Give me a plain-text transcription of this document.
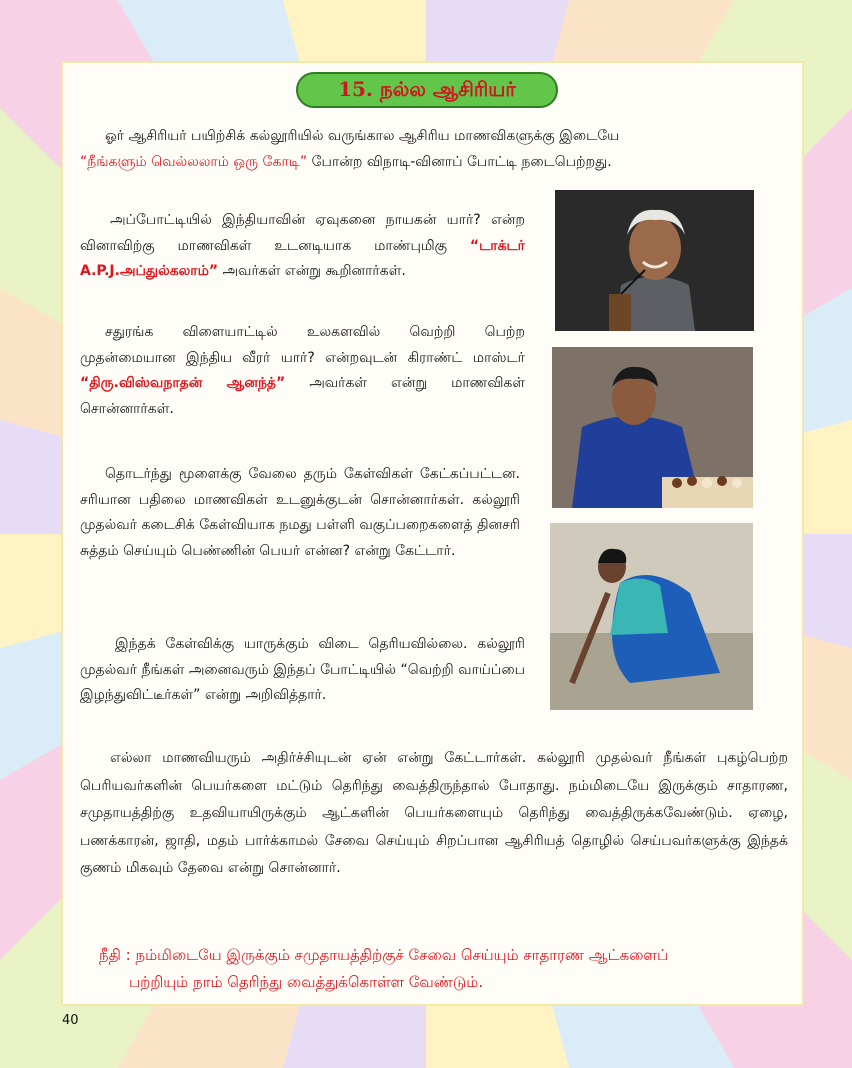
15. நல்ல ஆசிரியர்
ஓர் ஆசிரியர் பயிற்சிக் கல்லூரியில் வருங்கால ஆசிரிய மாணவிகளுக்கு இடையே
“நீங்களும் வெல்லலாம் ஒரு கோடி” போன்ற விநாடி-வினாப் போட்டி நடைபெற்றது.
அப்போட்டியில் இந்தியாவின் ஏவுகனை நாயகன் யார்? என்ற வினாவிற்கு மாணவிகள் உடனடியாக மாண்புமிகு “டாக்டர் A.P.J.அப்துல்கலாம்” அவர்கள் என்று கூறினார்கள்.
சதுரங்க விளையாட்டில் உலகளவில் வெற்றி பெற்ற முதன்மையான இந்திய வீரர் யார்? என்றவுடன் கிராண்ட் மாஸ்டர் “திரு.விஸ்வநாதன் ஆனந்த்” அவர்கள் என்று மாணவிகள் சொன்னார்கள்.
தொடர்ந்து மூளைக்கு வேலை தரும் கேள்விகள் கேட்கப்பட்டன. சரியான பதிலை மாணவிகள் உடனுக்குடன் சொன்னார்கள். கல்லூரி முதல்வர் கடைசிக் கேள்வியாக நமது பள்ளி வகுப்பறைகளைத் தினசரி சுத்தம் செய்யும் பெண்ணின் பெயர் என்ன? என்று கேட்டார்.
இந்தக் கேள்விக்கு யாருக்கும் விடை தெரியவில்லை. கல்லூரி முதல்வர் நீங்கள் அனைவரும் இந்தப் போட்டியில் “வெற்றி வாய்ப்பை இழந்துவிட்டீர்கள்” என்று அறிவித்தார்.
எல்லா மாணவியரும் அதிர்ச்சியுடன் ஏன் என்று கேட்டார்கள். கல்லூரி முதல்வர் நீங்கள் புகழ்பெற்ற பெரியவர்களின் பெயர்களை மட்டும் தெரிந்து வைத்திருந்தால் போதாது. நம்மிடையே இருக்கும் சாதாரண, சமுதாயத்திற்கு உதவியாயிருக்கும் ஆட்களின் பெயர்களையும் தெரிந்து வைத்திருக்கவேண்டும். ஏழை, பணக்காரன், ஜாதி, மதம் பார்க்காமல் சேவை செய்யும் சிறப்பான ஆசிரியத் தொழில் செய்பவர்களுக்கு இந்தக் குணம் மிகவும் தேவை என்று சொன்னார்.
நீதி : நம்மிடையே இருக்கும் சமுதாயத்திற்குச் சேவை செய்யும் சாதாரண ஆட்களைப்
பற்றியும் நாம் தெரிந்து வைத்துக்கொள்ள வேண்டும்.
40
